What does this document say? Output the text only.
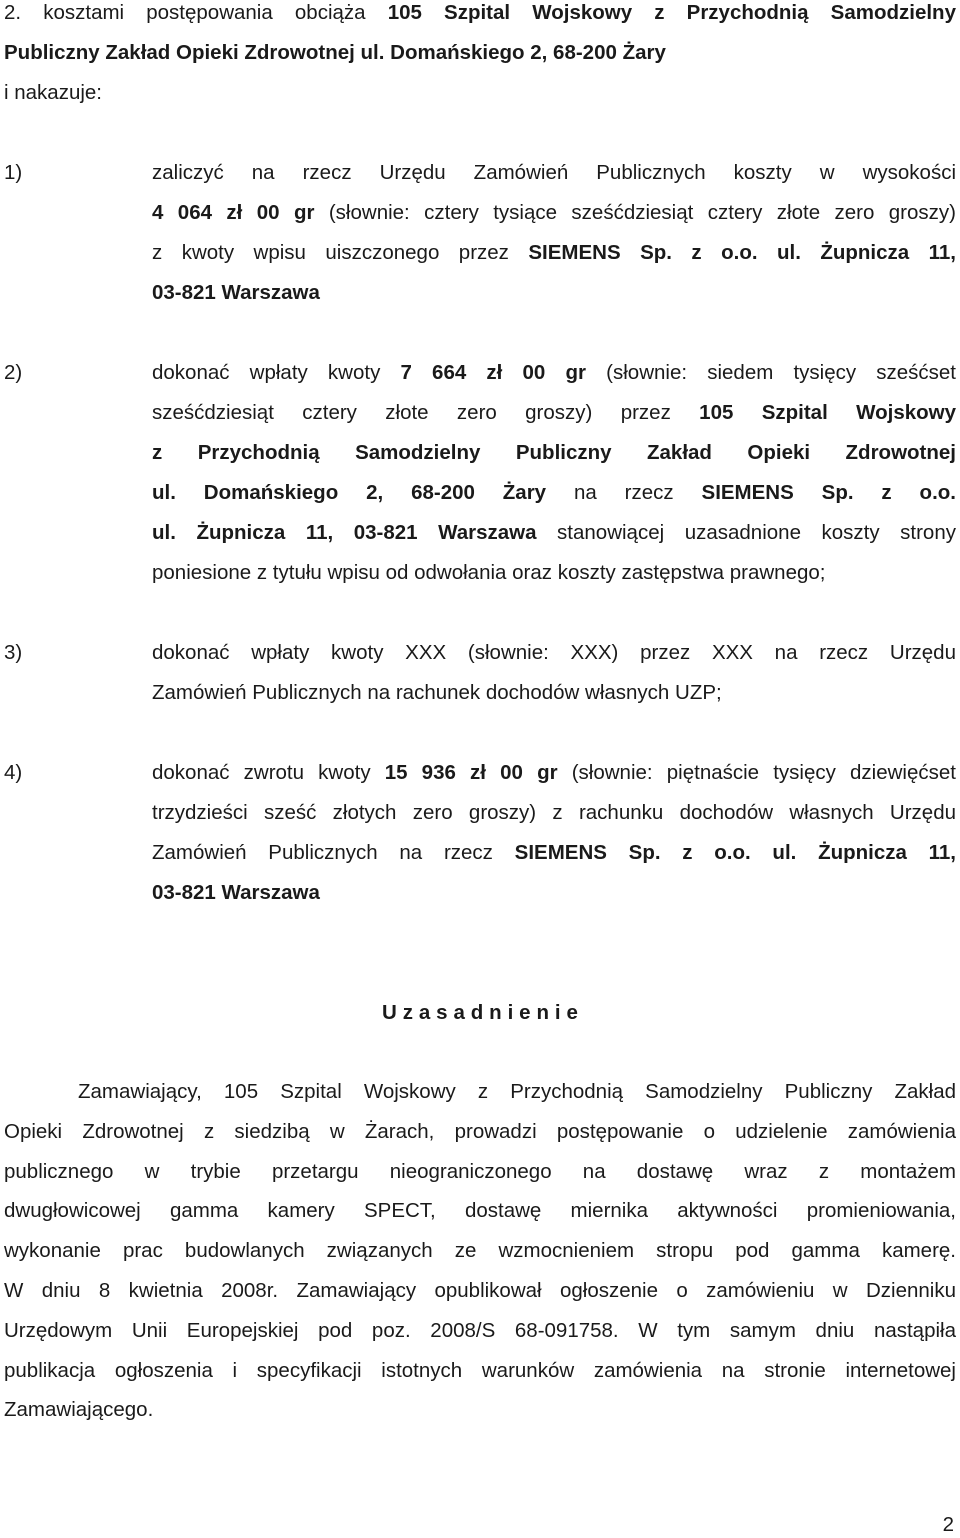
2. kosztami postępowania obciąża 105 Szpital Wojskowy z Przychodnią Samodzielny
Publiczny Zakład Opieki Zdrowotnej ul. Domańskiego 2, 68-200 Żary
i nakazuje:
1)	zaliczyć na rzecz Urzędu Zamówień Publicznych koszty w wysokości
4 064 zł 00 gr (słownie: cztery tysiące sześćdziesiąt cztery złote zero groszy)
z kwoty wpisu uiszczonego przez SIEMENS Sp. z o.o. ul. Żupnicza 11,
03-821 Warszawa
2)	dokonać wpłaty kwoty 7 664 zł 00 gr (słownie: siedem tysięcy sześćset
sześćdziesiąt cztery złote zero groszy) przez 105 Szpital Wojskowy
z Przychodnią Samodzielny Publiczny Zakład Opieki Zdrowotnej
ul. Domańskiego 2, 68-200 Żary na rzecz SIEMENS Sp. z o.o.
ul. Żupnicza 11, 03-821 Warszawa stanowiącej uzasadnione koszty strony
poniesione z tytułu wpisu od odwołania oraz koszty zastępstwa prawnego;
3)	dokonać wpłaty kwoty XXX (słownie: XXX) przez XXX na rzecz Urzędu
Zamówień Publicznych na rachunek dochodów własnych UZP;
4)	dokonać zwrotu kwoty 15 936 zł 00 gr (słownie: piętnaście tysięcy dziewięćset
trzydzieści sześć złotych zero groszy) z rachunku dochodów własnych Urzędu
Zamówień Publicznych na rzecz SIEMENS Sp. z o.o. ul. Żupnicza 11,
03-821 Warszawa
U z a s a d n i e n i e
Zamawiający, 105 Szpital Wojskowy z Przychodnią Samodzielny Publiczny Zakład
Opieki Zdrowotnej z siedzibą w Żarach, prowadzi postępowanie o udzielenie zamówienia
publicznego w trybie przetargu nieograniczonego na dostawę wraz z montażem
dwugłowicowej gamma kamery SPECT, dostawę miernika aktywności promieniowania,
wykonanie prac budowlanych związanych ze wzmocnieniem stropu pod gamma kamerę.
W dniu 8 kwietnia 2008r. Zamawiający opublikował ogłoszenie o zamówieniu w Dzienniku
Urzędowym Unii Europejskiej pod poz. 2008/S 68-091758. W tym samym dniu nastąpiła
publikacja ogłoszenia i specyfikacji istotnych warunków zamówienia na stronie internetowej
Zamawiającego.
2
